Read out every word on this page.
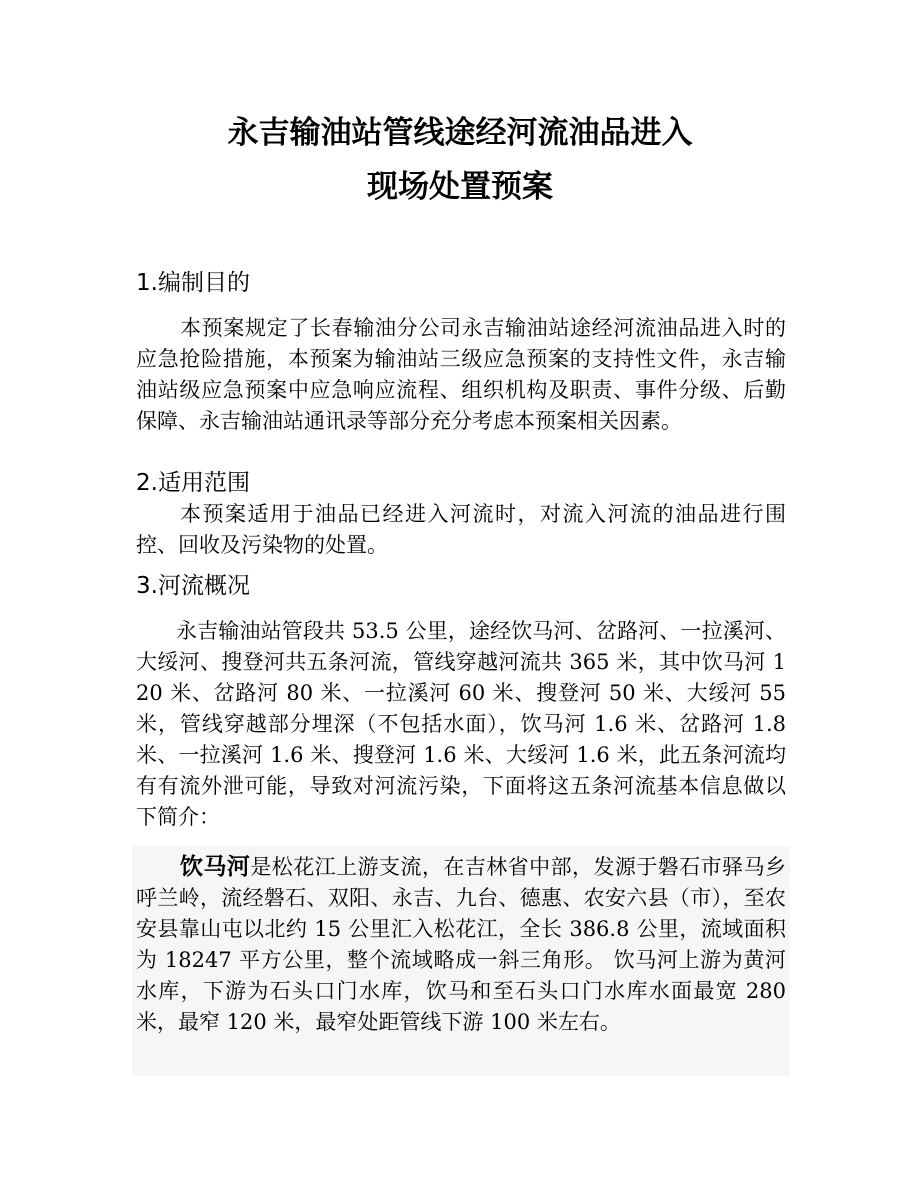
永吉输油站管线途经河流油品进入
现场处置预案
1.编制目的

本预案规定了长春输油分公司永吉输油站途经河流油品进入时的应急抢险措施，本预案为输油站三级应急预案的支持性文件，永吉输油站级应急预案中应急响应流程、组织机构及职责、事件分级、后勤保障、永吉输油站通讯录等部分充分考虑本预案相关因素。

2.适用范围

本预案适用于油品已经进入河流时，对流入河流的油品进行围控、回收及污染物的处置。

3.河流概况

永吉输油站管段共 53.5 公里，途经饮马河、岔路河、一拉溪河、大绥河、搜登河共五条河流，管线穿越河流共 365 米，其中饮马河 120 米、岔路河 80 米、一拉溪河 60 米、搜登河 50 米、大绥河 55 米，管线穿越部分埋深（不包括水面），饮马河 1.6 米、岔路河 1.8 米、一拉溪河 1.6 米、搜登河 1.6 米、大绥河 1.6 米，此五条河流均有有流外泄可能，导致对河流污染，下面将这五条河流基本信息做以下简介：

饮马河是松花江上游支流，在吉林省中部，发源于磐石市驿马乡呼兰岭，流经磐石、双阳、永吉、九台、德惠、农安六县（市），至农安县靠山屯以北约 15 公里汇入松花江，全长 386.8 公里，流域面积为 18247 平方公里，整个流域略成一斜三角形。 饮马河上游为黄河水库，下游为石头口门水库，饮马和至石头口门水库水面最宽 280 米，最窄 120 米，最窄处距管线下游 100 米左右。
